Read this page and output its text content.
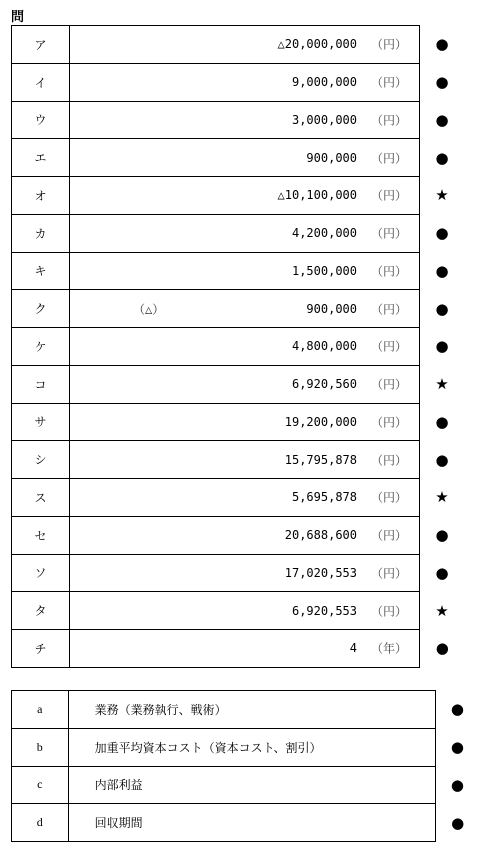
問
ア	△20,000,000 （円）	●
イ	9,000,000 （円）	●
ウ	3,000,000 （円）	●
エ	900,000 （円）	●
オ	△10,100,000 （円）	★
カ	4,200,000 （円）	●
キ	1,500,000 （円）	●
ク	（△） 900,000 （円）	●
ケ	4,800,000 （円）	●
コ	6,920,560 （円）	★
サ	19,200,000 （円）	●
シ	15,795,878 （円）	●
ス	5,695,878 （円）	★
セ	20,688,600 （円）	●
ソ	17,020,553 （円）	●
タ	6,920,553 （円）	★
チ	4 （年）	●
a	業務（業務執行、戦術）	●
b	加重平均資本コスト（資本コスト、割引）	●
c	内部利益	●
d	回収期間	●
